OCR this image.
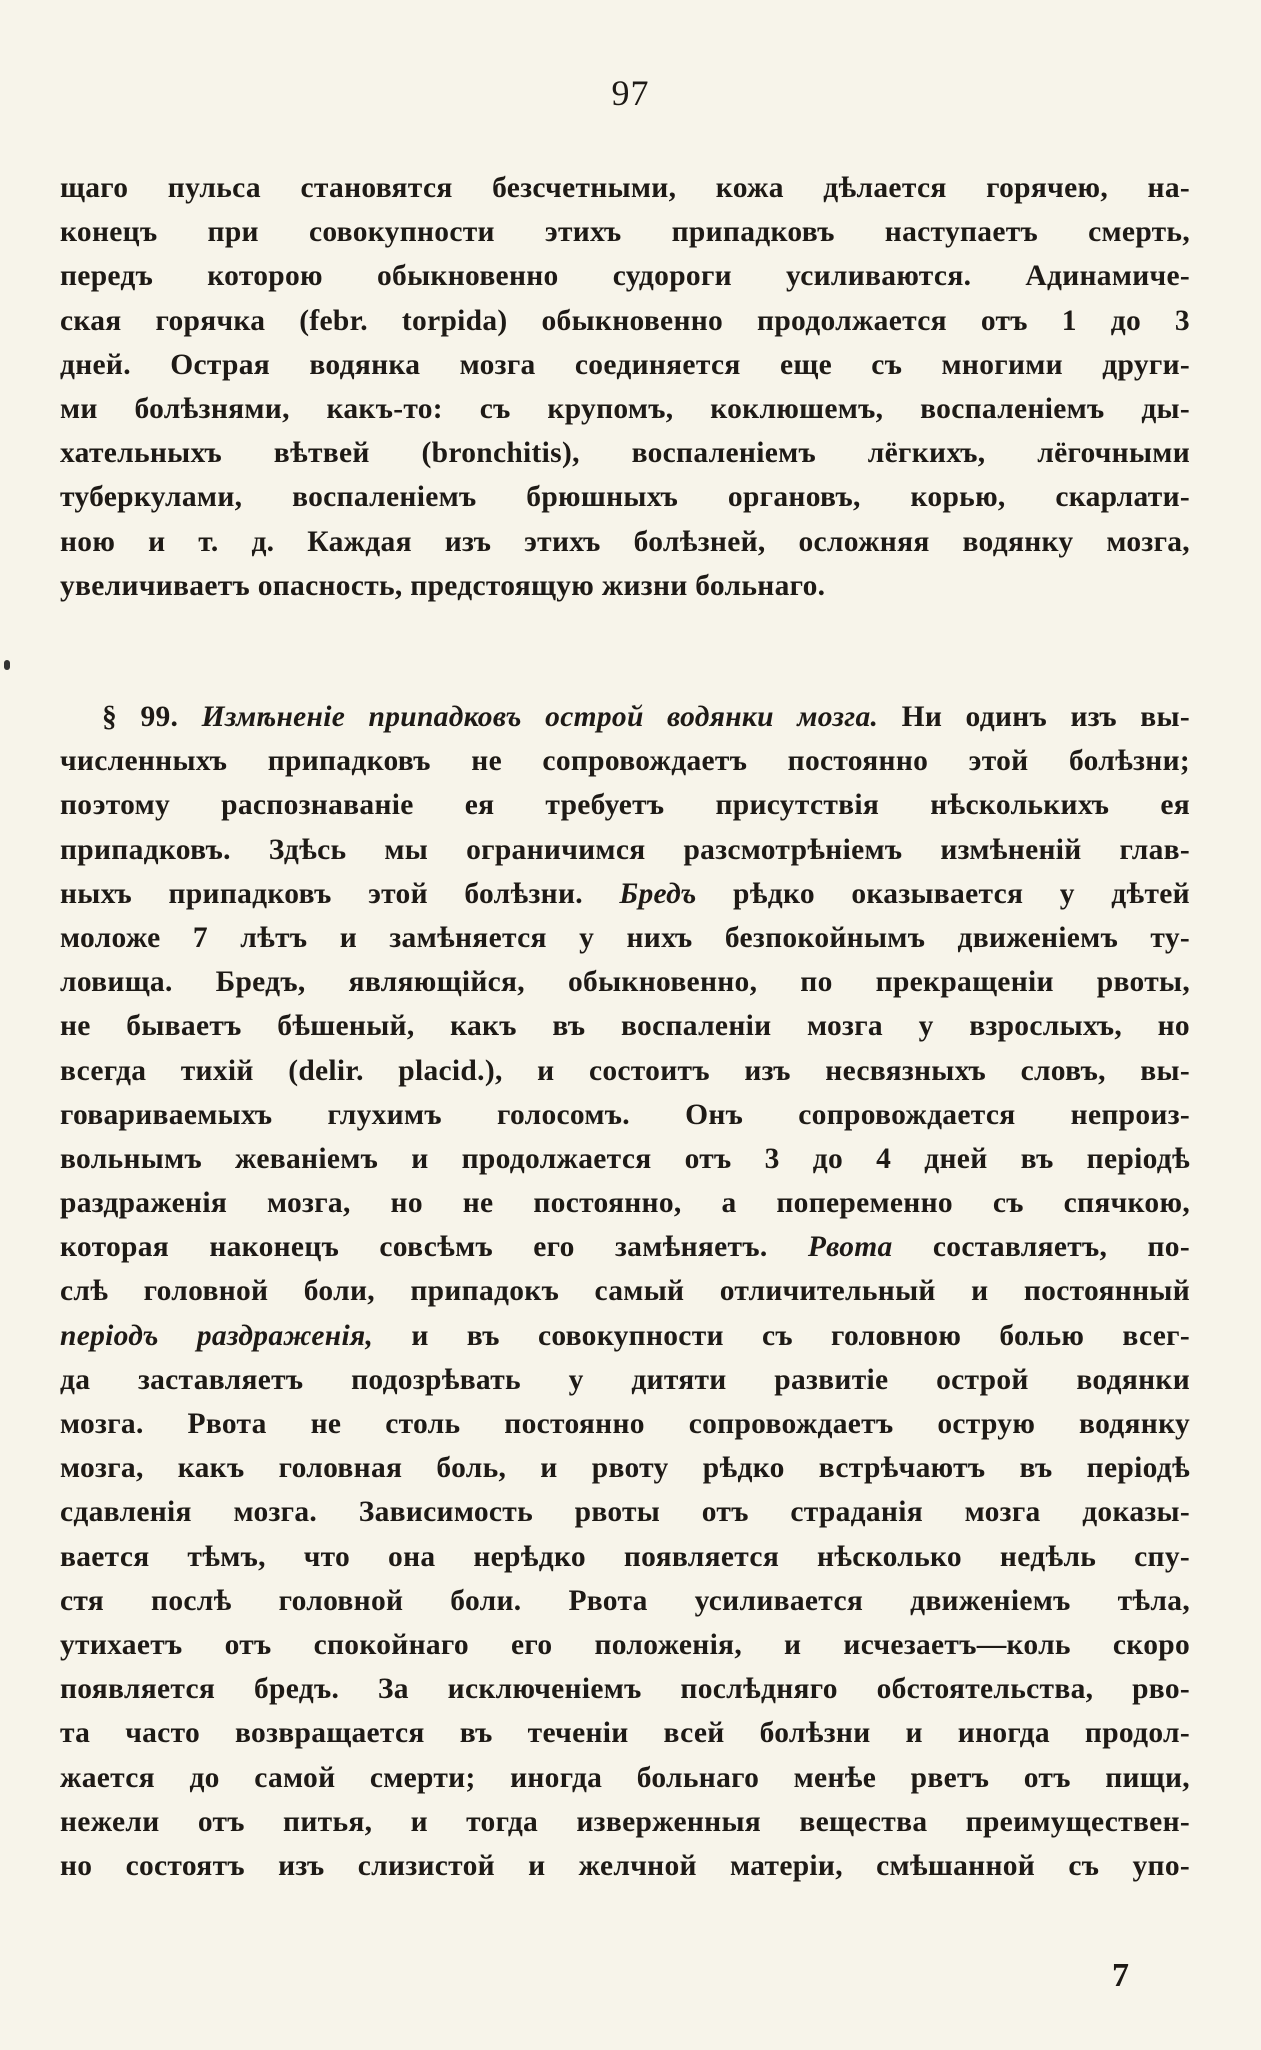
97
щаго пульса становятся безсчетными, кожа дѣлается горячею, на-
конецъ при совокупности этихъ припадковъ наступаетъ смерть,
передъ которою обыкновенно судороги усиливаются. Адинамиче-
ская горячка (febr. torpida) обыкновенно продолжается отъ 1 до 3
дней. Острая водянка мозга соединяется еще съ многими други-
ми болѣзнями, какъ-то: съ крупомъ, коклюшемъ, воспаленіемъ ды-
хательныхъ вѣтвей (bronchitis), воспаленіемъ лёгкихъ, лёгочными
туберкулами, воспаленіемъ брюшныхъ органовъ, корью, скарлати-
ною и т. д. Каждая изъ этихъ болѣзней, осложняя водянку мозга,
увеличиваетъ опасность, предстоящую жизни больнаго.
§ 99. Измѣненіе припадковъ острой водянки мозга. Ни одинъ изъ вы-
численныхъ припадковъ не сопровождаетъ постоянно этой болѣзни;
поэтому распознаваніе ея требуетъ присутствія нѣсколькихъ ея
припадковъ. Здѣсь мы ограничимся разсмотрѣніемъ измѣненій глав-
ныхъ припадковъ этой болѣзни. Бредъ рѣдко оказывается у дѣтей
моложе 7 лѣтъ и замѣняется у нихъ безпокойнымъ движеніемъ ту-
ловища. Бредъ, являющійся, обыкновенно, по прекращеніи рвоты,
не бываетъ бѣшеный, какъ въ воспаленіи мозга у взрослыхъ, но
всегда тихій (delir. placid.), и состоитъ изъ несвязныхъ словъ, вы-
говариваемыхъ глухимъ голосомъ. Онъ сопровождается непроиз-
вольнымъ жеваніемъ и продолжается отъ 3 до 4 дней въ періодѣ
раздраженія мозга, но не постоянно, а попеременно съ спячкою,
которая наконецъ совсѣмъ его замѣняетъ. Рвота составляетъ, по-
слѣ головной боли, припадокъ самый отличительный и постоянный
періодъ раздраженія, и въ совокупности съ головною болью всег-
да заставляетъ подозрѣвать у дитяти развитіе острой водянки
мозга. Рвота не столь постоянно сопровождаетъ острую водянку
мозга, какъ головная боль, и рвоту рѣдко встрѣчаютъ въ періодѣ
сдавленія мозга. Зависимость рвоты отъ страданія мозга доказы-
вается тѣмъ, что она нерѣдко появляется нѣсколько недѣль спу-
стя послѣ головной боли. Рвота усиливается движеніемъ тѣла,
утихаетъ отъ спокойнаго его положенія, и исчезаетъ—коль скоро
появляется бредъ. За исключеніемъ послѣдняго обстоятельства, рво-
та часто возвращается въ теченіи всей болѣзни и иногда продол-
жается до самой смерти; иногда больнаго менѣе рветъ отъ пищи,
нежели отъ питья, и тогда изверженныя вещества преимуществен-
но состоятъ изъ слизистой и желчной матеріи, смѣшанной съ упо-
7
